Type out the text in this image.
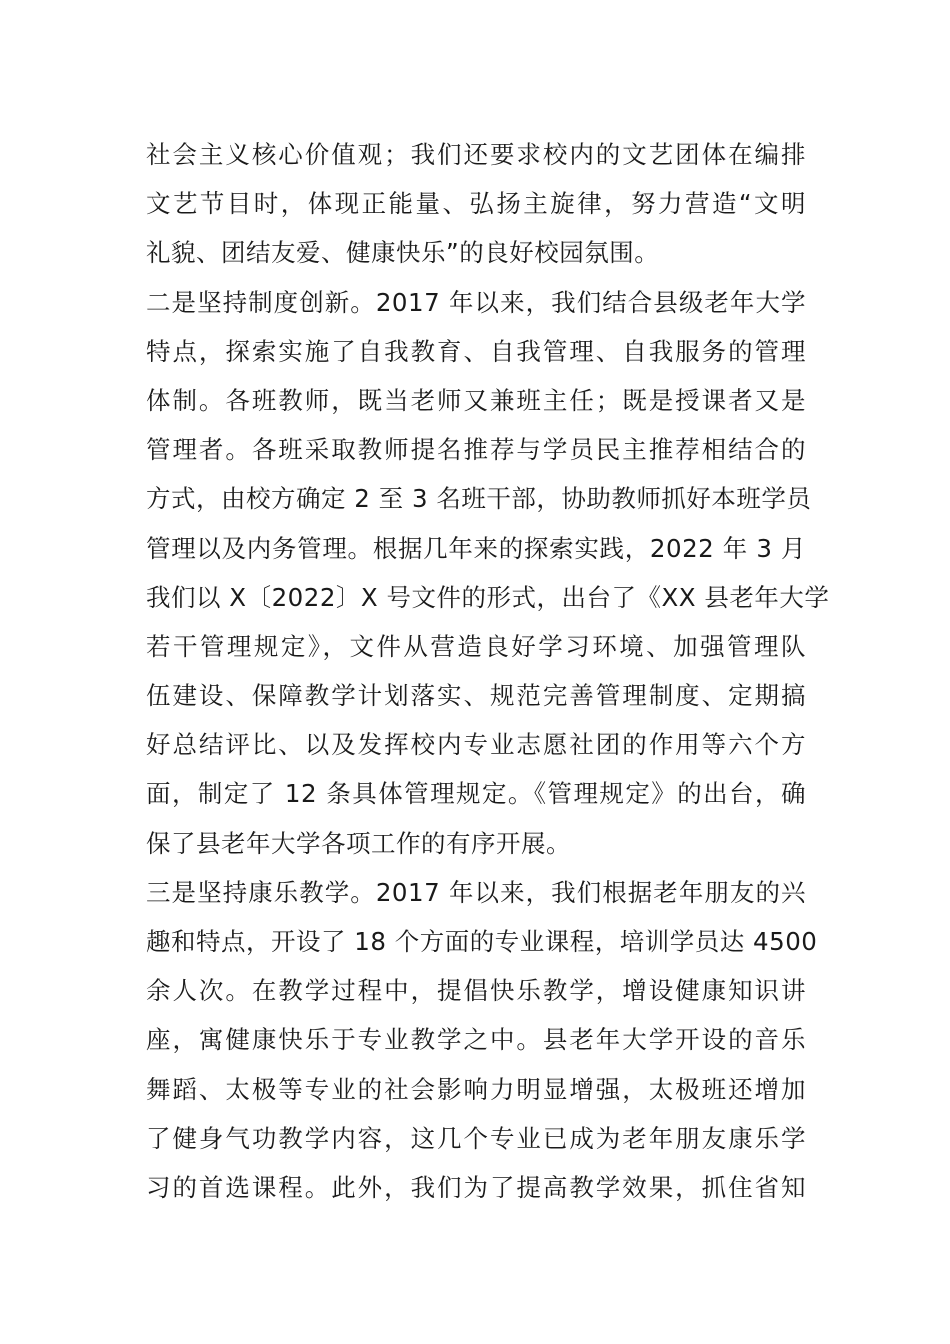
社会主义核心价值观；我们还要求校内的文艺团体在编排
文艺节目时，体现正能量、弘扬主旋律，努力营造“文明
礼貌、团结友爱、健康快乐”的良好校园氛围。
二是坚持制度创新。2017 年以来，我们结合县级老年大学
特点，探索实施了自我教育、自我管理、自我服务的管理
体制。各班教师，既当老师又兼班主任；既是授课者又是
管理者。各班采取教师提名推荐与学员民主推荐相结合的
方式，由校方确定 2 至 3 名班干部，协助教师抓好本班学员
管理以及内务管理。根据几年来的探索实践，2022 年 3 月
我们以 X〔2022〕X 号文件的形式，出台了《XX 县老年大学
若干管理规定》，文件从营造良好学习环境、加强管理队
伍建设、保障教学计划落实、规范完善管理制度、定期搞
好总结评比、以及发挥校内专业志愿社团的作用等六个方
面，制定了 12 条具体管理规定。《管理规定》的出台，确
保了县老年大学各项工作的有序开展。
三是坚持康乐教学。2017 年以来，我们根据老年朋友的兴
趣和特点，开设了 18 个方面的专业课程，培训学员达 4500
余人次。在教学过程中，提倡快乐教学，增设健康知识讲
座，寓健康快乐于专业教学之中。县老年大学开设的音乐
舞蹈、太极等专业的社会影响力明显增强，太极班还增加
了健身气功教学内容，这几个专业已成为老年朋友康乐学
习的首选课程。此外，我们为了提高教学效果，抓住省知
